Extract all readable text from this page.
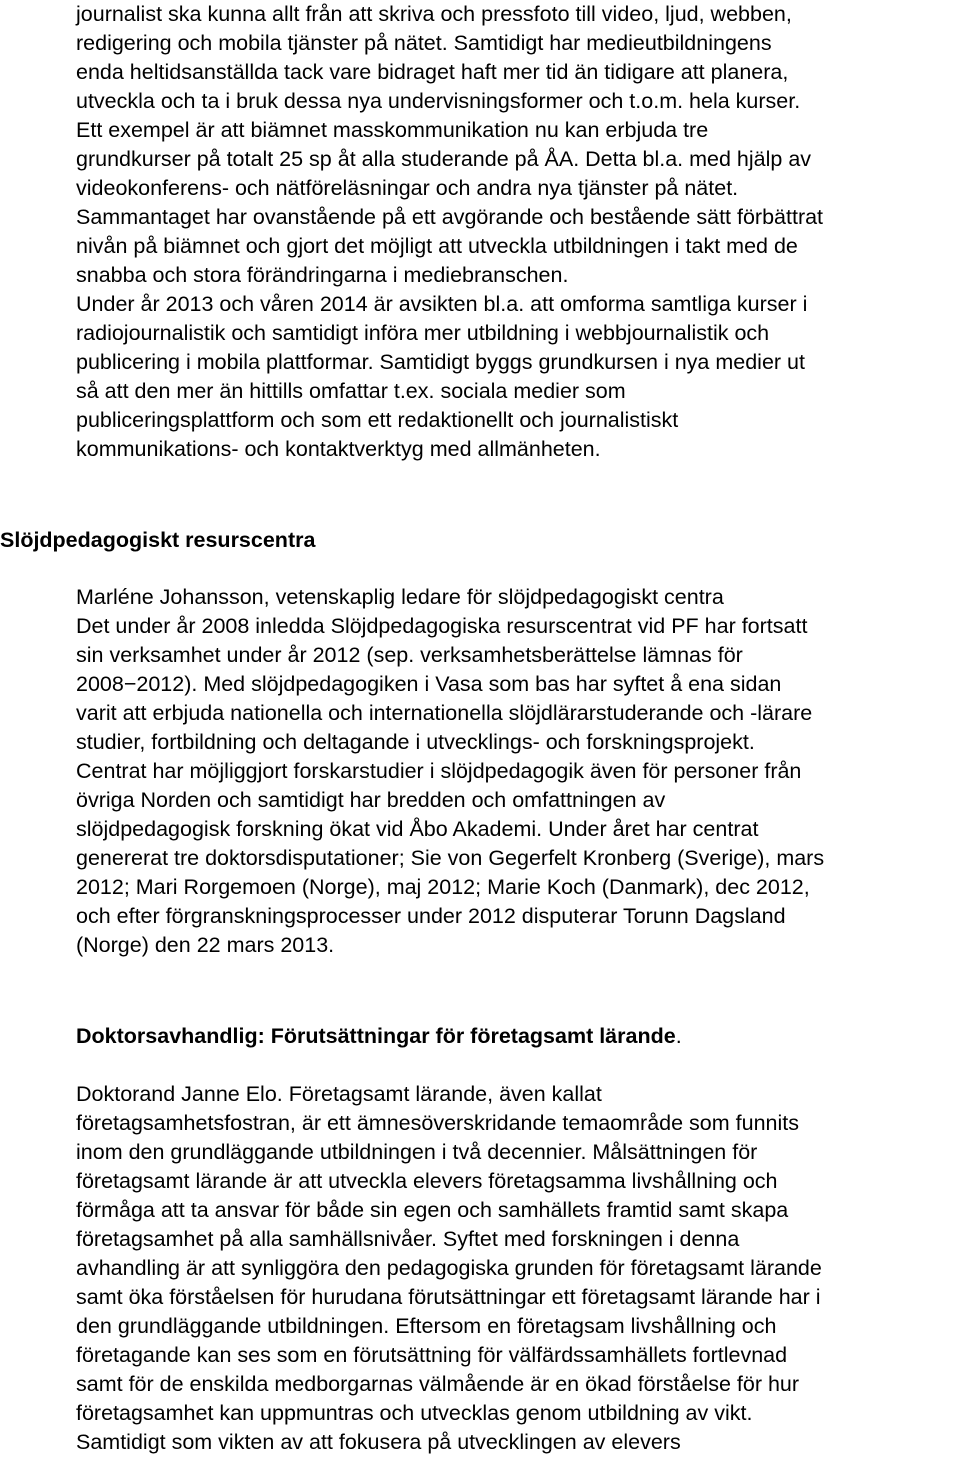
journalist ska kunna allt från att skriva och pressfoto till video, ljud, webben,
redigering och mobila tjänster på nätet. Samtidigt har medieutbildningens
enda heltidsanställda tack vare bidraget haft mer tid än tidigare att planera,
utveckla och ta i bruk dessa nya undervisningsformer och t.o.m. hela kurser.
Ett exempel är att biämnet masskommunikation nu kan erbjuda tre
grundkurser på totalt 25 sp åt alla studerande på ÅA. Detta bl.a. med hjälp av
videokonferens- och nätföreläsningar och andra nya tjänster på nätet.
Sammantaget har ovanstående på ett avgörande och bestående sätt förbättrat
nivån på biämnet och gjort det möjligt att utveckla utbildningen i takt med de
snabba och stora förändringarna i mediebranschen.
Under år 2013 och våren 2014 är avsikten bl.a. att omforma samtliga kurser i
radiojournalistik och samtidigt införa mer utbildning i webbjournalistik och
publicering i mobila plattformar. Samtidigt byggs grundkursen i nya medier ut
så att den mer än hittills omfattar t.ex. sociala medier som
publiceringsplattform och som ett redaktionellt och journalistiskt
kommunikations- och kontaktverktyg med allmänheten.
Slöjdpedagogiskt resurscentra
Marléne Johansson, vetenskaplig ledare för slöjdpedagogiskt centra
Det under år 2008 inledda Slöjdpedagogiska resurscentrat vid PF har fortsatt
sin verksamhet under år 2012 (sep. verksamhetsberättelse lämnas för
2008−2012). Med slöjdpedagogiken i Vasa som bas har syftet å ena sidan
varit att erbjuda nationella och internationella slöjdlärarstuderande och -lärare
studier, fortbildning och deltagande i utvecklings- och forskningsprojekt.
Centrat har möjliggjort forskarstudier i slöjdpedagogik även för personer från
övriga Norden och samtidigt har bredden och omfattningen av
slöjdpedagogisk forskning ökat vid Åbo Akademi. Under året har centrat
genererat tre doktorsdisputationer; Sie von Gegerfelt Kronberg (Sverige), mars
2012; Mari Rorgemoen (Norge), maj 2012; Marie Koch (Danmark), dec 2012,
och efter förgranskningsprocesser under 2012 disputerar Torunn Dagsland
(Norge) den 22 mars 2013.
Doktorsavhandlig: Förutsättningar för företagsamt lärande.
Doktorand Janne Elo. Företagsamt lärande, även kallat
företagsamhetsfostran, är ett ämnesöverskridande temaområde som funnits
inom den grundläggande utbildningen i två decennier. Målsättningen för
företagsamt lärande är att utveckla elevers företagsamma livshållning och
förmåga att ta ansvar för både sin egen och samhällets framtid samt skapa
företagsamhet på alla samhällsnivåer. Syftet med forskningen i denna
avhandling är att synliggöra den pedagogiska grunden för företagsamt lärande
samt öka förståelsen för hurudana förutsättningar ett företagsamt lärande har i
den grundläggande utbildningen. Eftersom en företagsam livshållning och
företagande kan ses som en förutsättning för välfärdssamhällets fortlevnad
samt för de enskilda medborgarnas välmående är en ökad förståelse för hur
företagsamhet kan uppmuntras och utvecklas genom utbildning av vikt.
Samtidigt som vikten av att fokusera på utvecklingen av elevers
